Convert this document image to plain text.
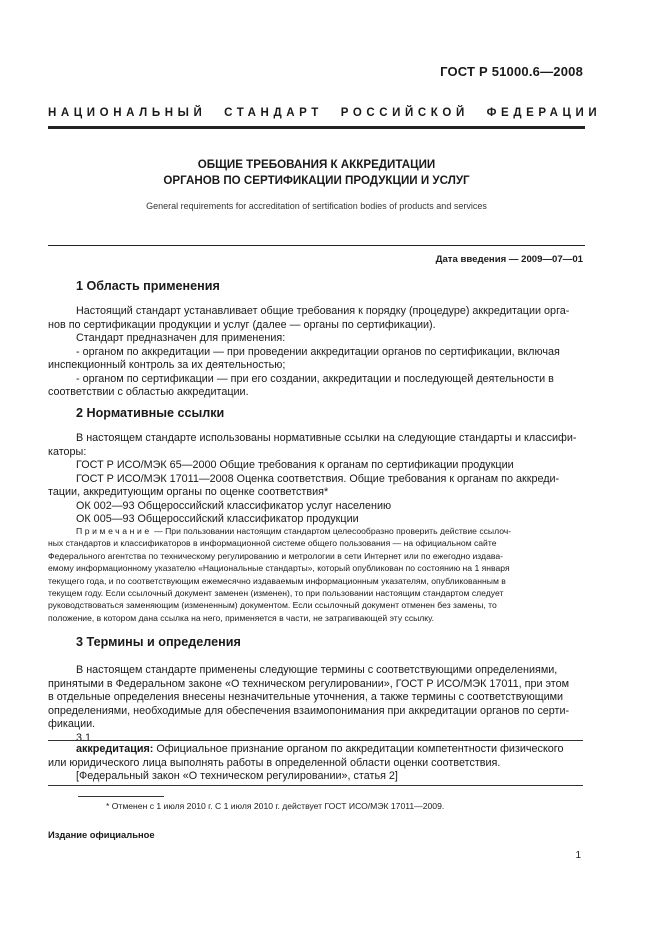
ГОСТ Р 51000.6—2008
НАЦИОНАЛЬНЫЙ СТАНДАРТ РОССИЙСКОЙ ФЕДЕРАЦИИ
ОБЩИЕ ТРЕБОВАНИЯ К АККРЕДИТАЦИИ
ОРГАНОВ ПО СЕРТИФИКАЦИИ ПРОДУКЦИИ И УСЛУГ
General requirements for accreditation of sertification bodies of products and services
Дата введения — 2009—07—01
1 Область применения
Настоящий стандарт устанавливает общие требования к порядку (процедуре) аккредитации орга-
нов по сертификации продукции и услуг (далее — органы по сертификации).
Стандарт предназначен для применения:
- органом по аккредитации — при проведении аккредитации органов по сертификации, включая
инспекционный контроль за их деятельностью;
- органом по сертификации — при его создании, аккредитации и последующей деятельности в
соответствии с областью аккредитации.
2 Нормативные ссылки
В настоящем стандарте использованы нормативные ссылки на следующие стандарты и классифи-
каторы:
ГОСТ Р ИСО/МЭК 65—2000 Общие требования к органам по сертификации продукции
ГОСТ Р ИСО/МЭК 17011—2008 Оценка соответствия. Общие требования к органам по аккреди-
тации, аккредитующим органы по оценке соответствия*
ОК 002—93 Общероссийский классификатор услуг населению
ОК 005—93 Общероссийский классификатор продукции
Примечание — При пользовании настоящим стандартом целесообразно проверить действие ссылоч-
ных стандартов и классификаторов в информационной системе общего пользования — на официальном сайте
Федерального агентства по техническому регулированию и метрологии в сети Интернет или по ежегодно издава-
емому информационному указателю «Национальные стандарты», который опубликован по состоянию на 1 января
текущего года, и по соответствующим ежемесячно издаваемым информационным указателям, опубликованным в
текущем году. Если ссылочный документ заменен (изменен), то при пользовании настоящим стандартом следует
руководствоваться заменяющим (измененным) документом. Если ссылочный документ отменен без замены, то
положение, в котором дана ссылка на него, применяется в части, не затрагивающей эту ссылку.
3 Термины и определения
В настоящем стандарте применены следующие термины с соответствующими определениями,
принятыми в Федеральном законе «О техническом регулировании», ГОСТ Р ИСО/МЭК 17011, при этом
в отдельные определения внесены незначительные уточнения, а также термины с соответствующими
определениями, необходимые для обеспечения взаимопонимания при аккредитации органов по серти-
фикации.
3.1
аккредитация: Официальное признание органом по аккредитации компетентности физического
или юридического лица выполнять работы в определенной области оценки соответствия.
[Федеральный закон «О техническом регулировании», статья 2]
* Отменен с 1 июля 2010 г. С 1 июля 2010 г. действует ГОСТ ИСО/МЭК 17011—2009.
Издание официальное
1
